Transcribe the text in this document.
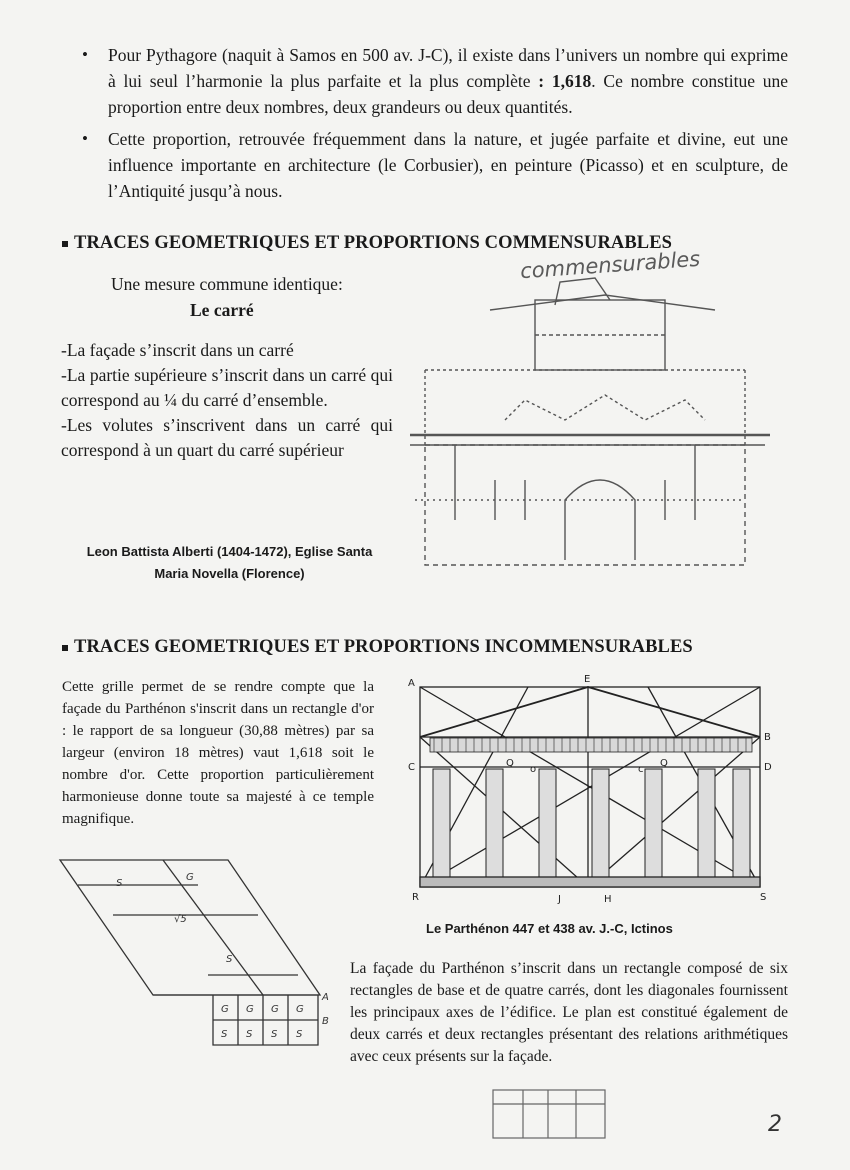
• Pour Pythagore (naquit à Samos en 500 av. J-C), il existe dans l’univers un nombre qui exprime à lui seul l’harmonie la plus parfaite et la plus complète : 1,618. Ce nombre constitue une proportion entre deux nombres, deux grandeurs ou deux quantités.
• Cette proportion, retrouvée fréquemment dans la nature, et jugée parfaite et divine, eut une influence importante en architecture (le Corbusier), en peinture (Picasso) et en sculpture, de l’Antiquité jusqu’à nous.
TRACES GEOMETRIQUES ET PROPORTIONS COMMENSURABLES
commensurables
Une mesure commune identique:
Le carré

-La façade s’inscrit dans un carré

-La partie supérieure s’inscrit dans un carré qui correspond au ¼ du carré d’ensemble.

-Les volutes s’inscrivent dans un carré qui correspond à un quart du carré supérieur

Leon Battista Alberti (1404-1472), Eglise Santa
Maria Novella (Florence)
TRACES GEOMETRIQUES ET PROPORTIONS INCOMMENSURABLES

Cette grille permet de se rendre compte que la façade du Parthénon s'inscrit dans un rectangle d'or : le rapport de sa longueur (30,88 mètres) par sa largeur (environ 18 mètres) vaut 1,618 soit le nombre d'or. Cette proportion particulièrement harmonieuse donne toute sa majesté à ce temple magnifique.

A	E
B
C	D
R	J	H	S
Q	Q
o	c
Le Parthénon 447 et 438 av. J.-C, Ictinos
S
G
√5
S
G G G G
S S S S
A
B

La façade du Parthénon s’inscrit dans un rectangle composé de six rectangles de base et de quatre carrés, dont les diagonales fournissent les principaux axes de l’édifice. Le plan est constitué également de deux carrés et deux rectangles présentant des relations arithmétiques avec ceux présents sur la façade.

2
